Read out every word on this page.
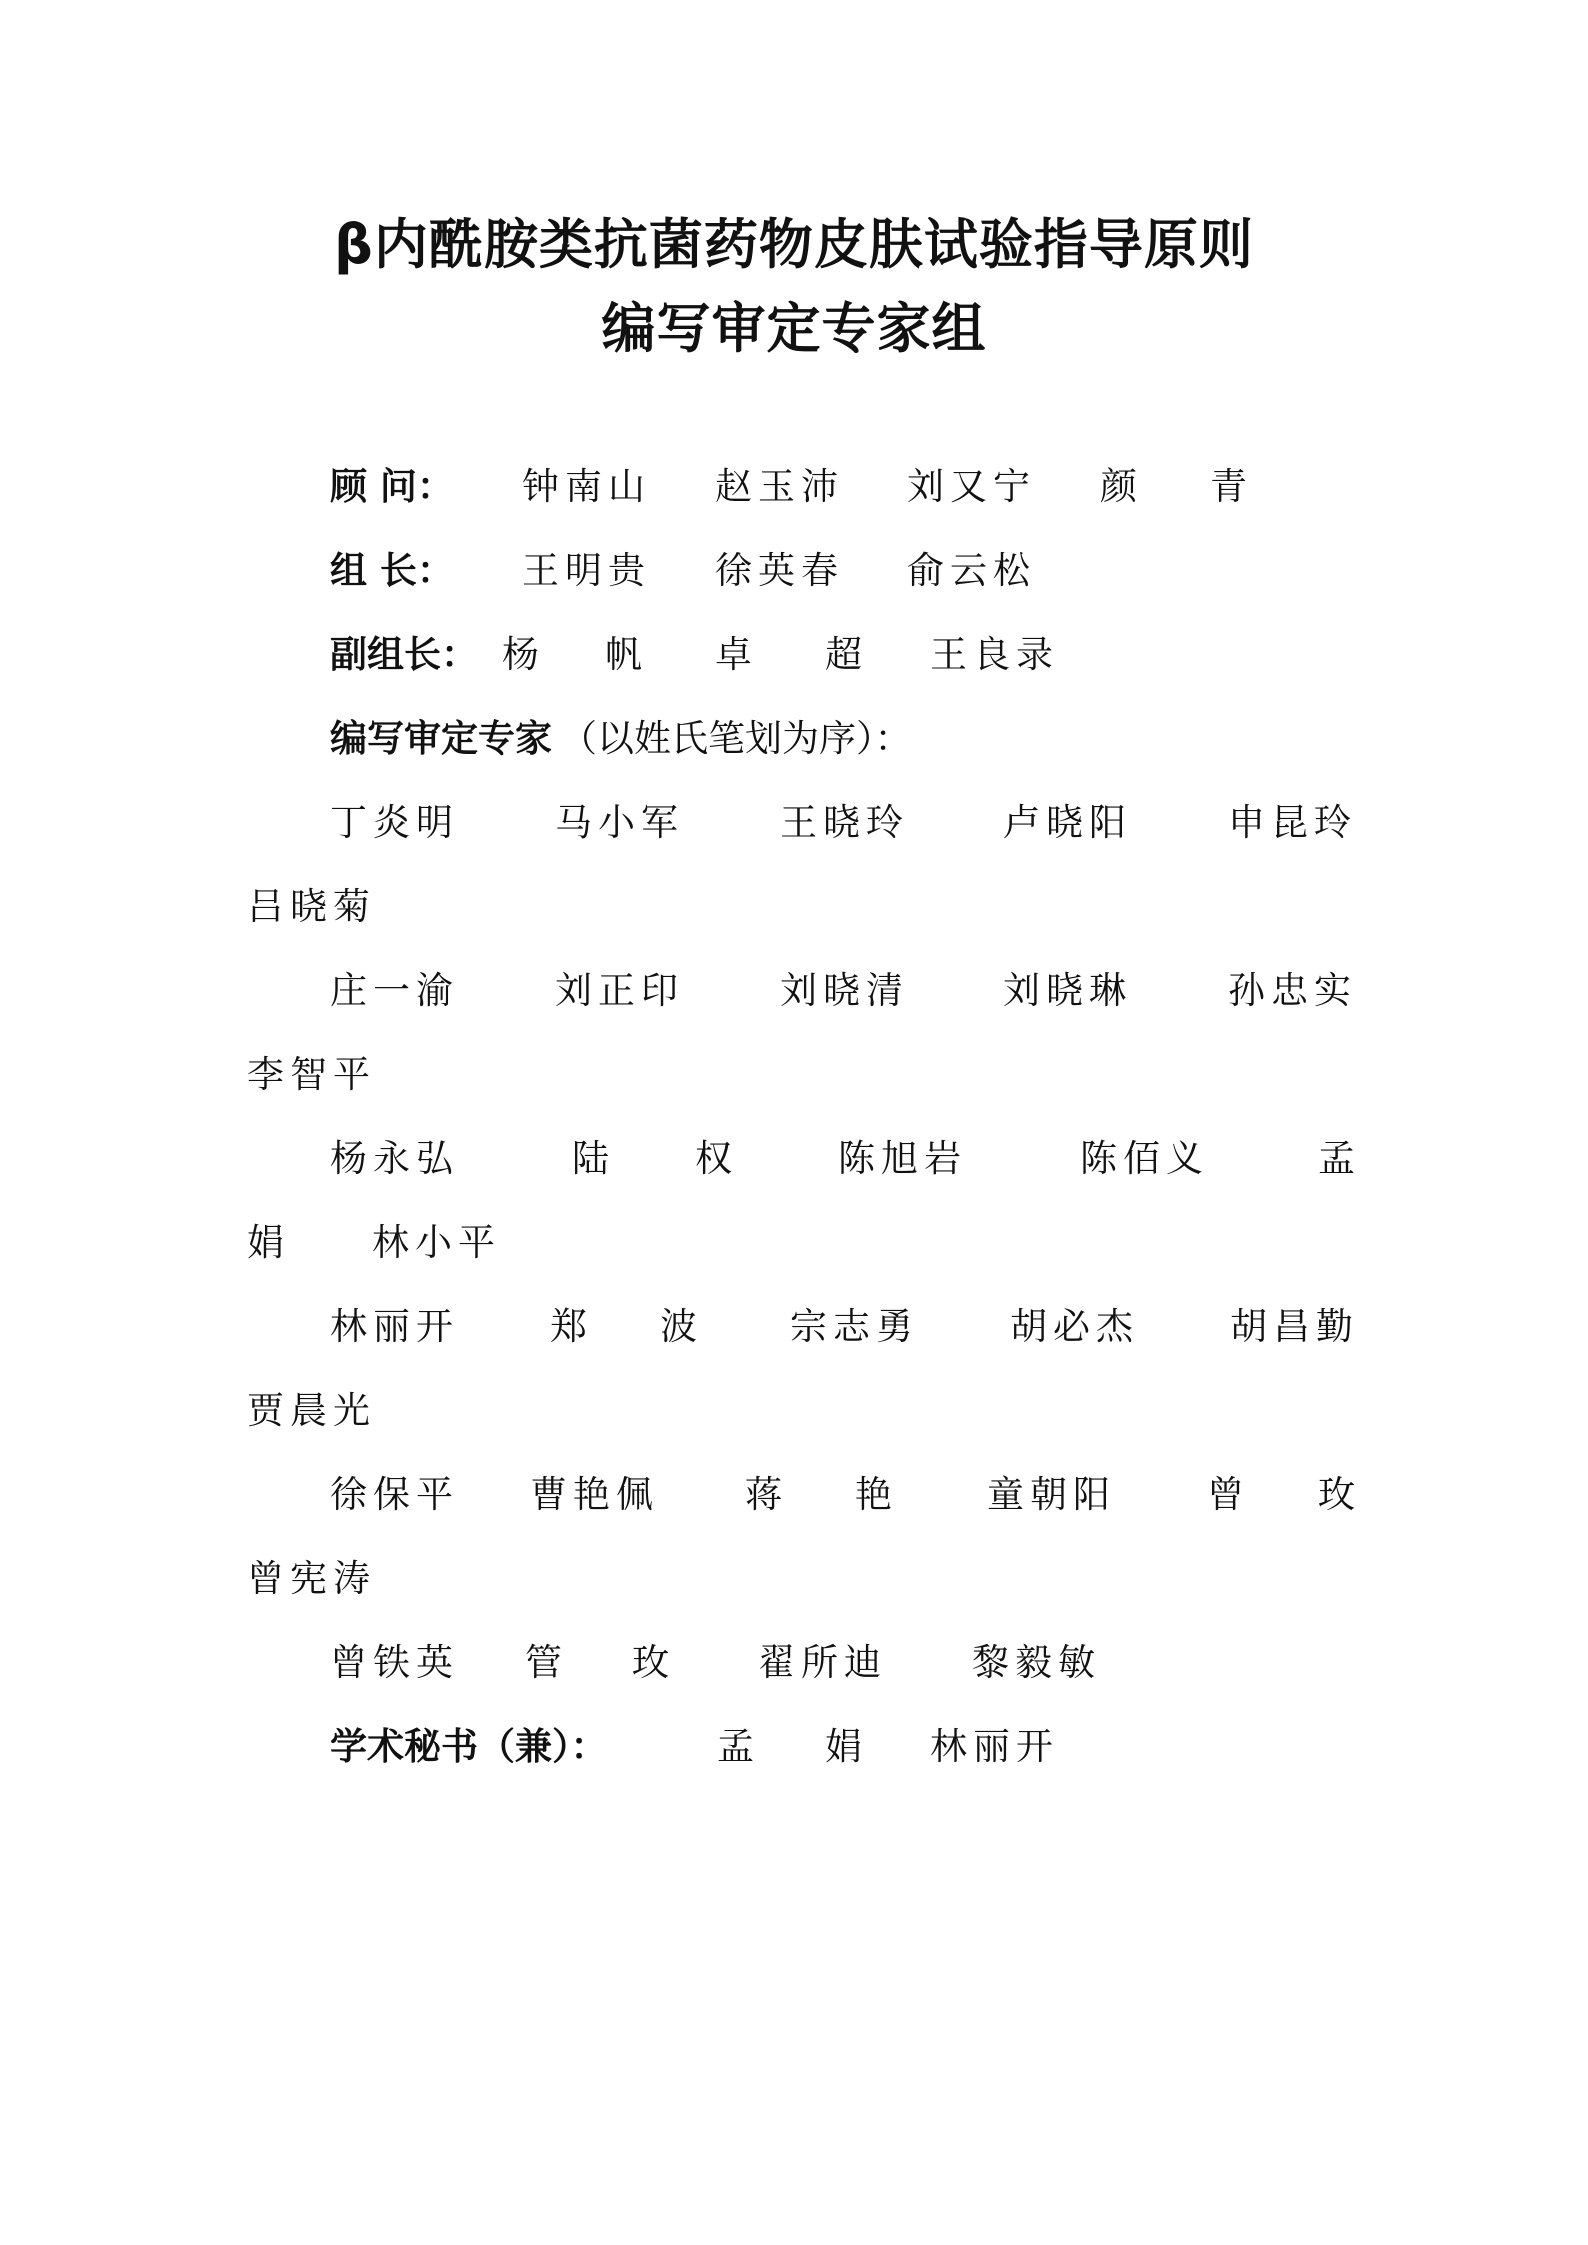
β内酰胺类抗菌药物皮肤试验指导原则
编写审定专家组
顾 问： 钟南山 赵玉沛 刘又宁 颜 青
组 长： 王明贵 徐英春 俞云松
副组长： 杨 帆 卓 超 王良录
编写审定专家 （以姓氏笔划为序）：
丁炎明	马小军	王晓玲	卢晓阳	申昆玲
吕晓菊
庄一渝	刘正印	刘晓清	刘晓琳	孙忠实
李智平
杨永弘	陆 权	陈旭岩	陈佰义	孟
娟 林小平
林丽开 郑 波 宗志勇 胡必杰 胡昌勤
贾晨光
徐保平 曹艳佩 蒋 艳 童朝阳 曾 玫
曾宪涛
曾铁英 管 玫 翟所迪 黎毅敏
学术秘书（兼）：	孟 娟 林丽开
